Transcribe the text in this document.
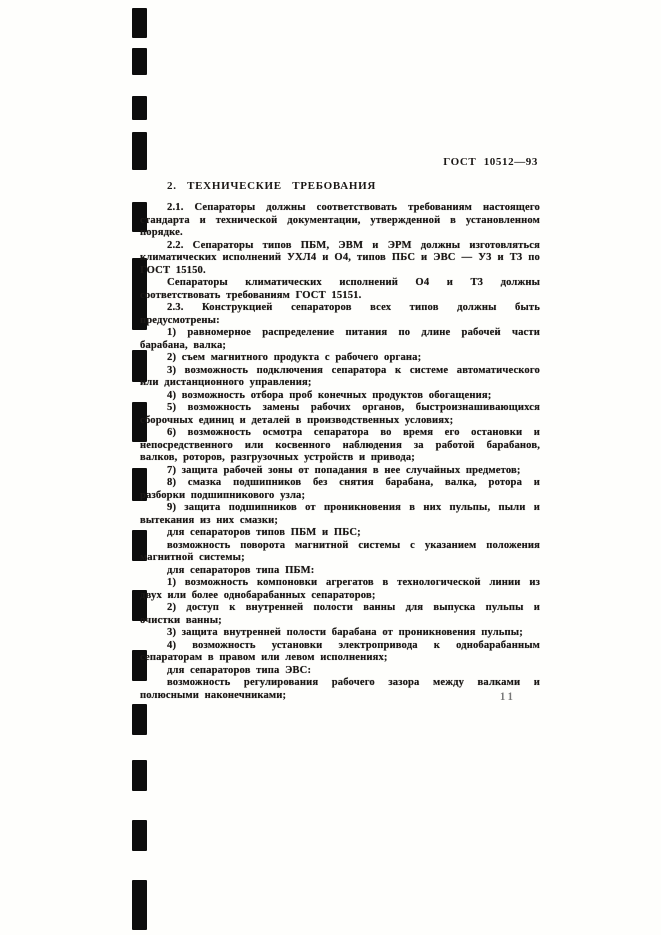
ГОСТ 10512—93
2. ТЕХНИЧЕСКИЕ ТРЕБОВАНИЯ

2.1. Сепараторы должны соответствовать требованиям настоящего стандарта и технической документации, утвержденной в установленном порядке.

2.2. Сепараторы типов ПБМ, ЭВМ и ЭРМ должны изготовляться климатических исполнений УХЛ4 и О4, типов ПБС и ЭВС — У3 и Т3 по ГОСТ 15150.

Сепараторы климатических исполнений О4 и Т3 должны соответствовать требованиям ГОСТ 15151.

2.3. Конструкцией сепараторов всех типов должны быть предусмотрены:

1) равномерное распределение питания по длине рабочей части барабана, валка;

2) съем магнитного продукта с рабочего органа;

3) возможность подключения сепаратора к системе автоматического или дистанционного управления;

4) возможность отбора проб конечных продуктов обогащения;

5) возможность замены рабочих органов, быстроизнашивающихся сборочных единиц и деталей в производственных условиях;

6) возможность осмотра сепаратора во время его остановки и непосредственного или косвенного наблюдения за работой барабанов, валков, роторов, разгрузочных устройств и привода;

7) защита рабочей зоны от попадания в нее случайных предметов;

8) смазка подшипников без снятия барабана, валка, ротора и разборки подшипникового узла;

9) защита подшипников от проникновения в них пульпы, пыли и вытекания из них смазки;

для сепараторов типов ПБМ и ПБС;

возможность поворота магнитной системы с указанием положения магнитной системы;

для сепараторов типа ПБМ:

1) возможность компоновки агрегатов в технологической линии из двух или более однобарабанных сепараторов;

2) доступ к внутренней полости ванны для выпуска пульпы и очистки ванны;

3) защита внутренней полости барабана от проникновения пульпы;

4) возможность установки электропривода к однобарабанным сепараторам в правом или левом исполнениях;

для сепараторов типа ЭВС:

возможность регулирования рабочего зазора между валками и полюсными наконечниками;	11
